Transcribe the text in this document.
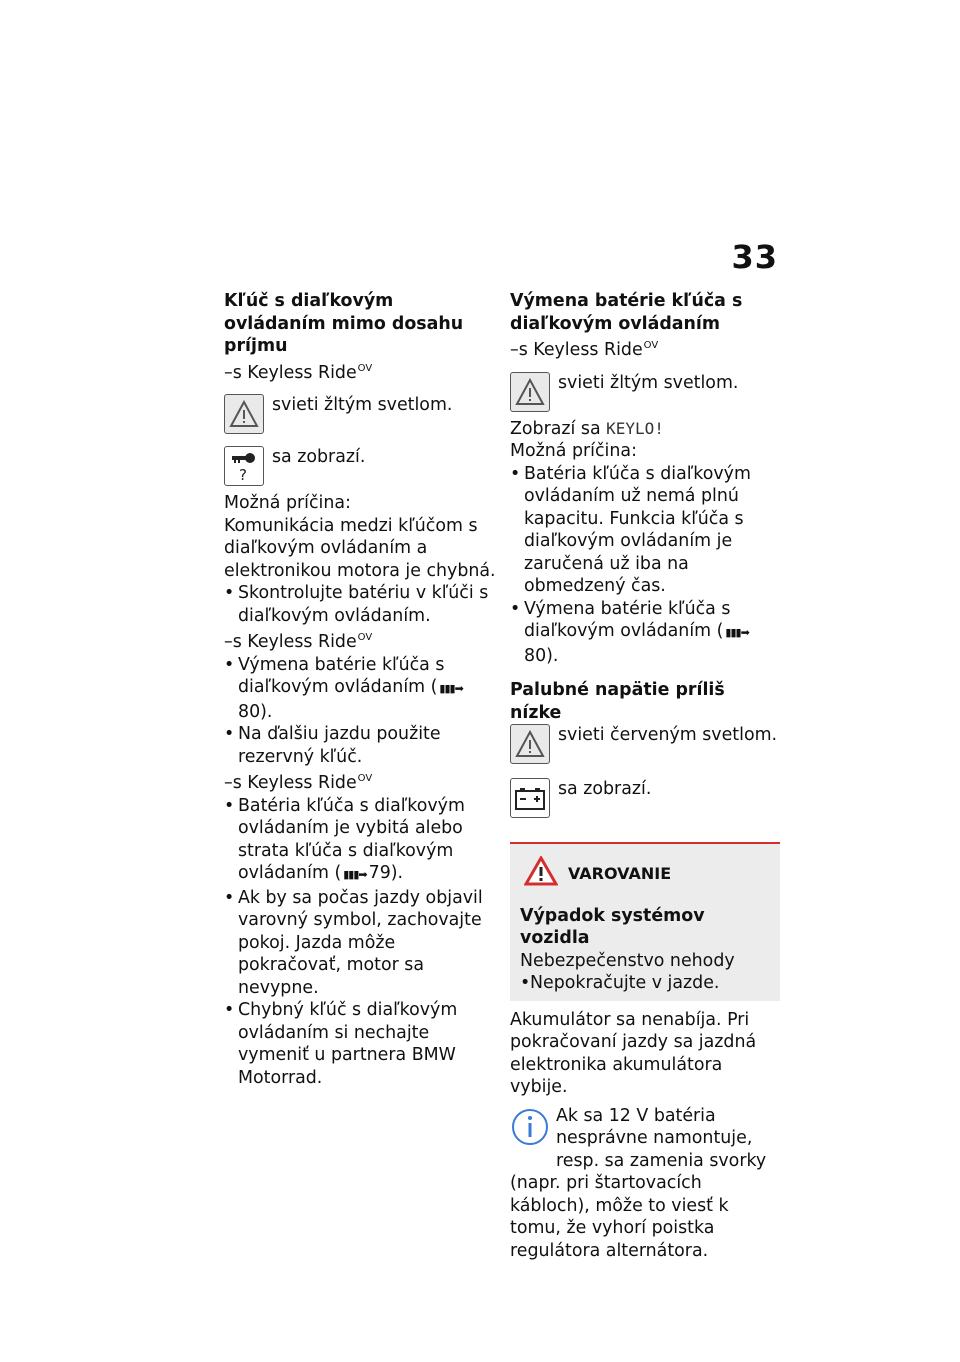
33

Kľúč s diaľkovým ovládaním mimo dosahu príjmu

–s Keyless Ride$^{OV}$

svieti žltým svetlom.
?
sa zobrazí.

Možná príčina:

Komunikácia medzi kľúčom s diaľkovým ovládaním a elektronikou motora je chybná.

• Skontrolujte batériu v kľúči s diaľkovým ovládaním.

–s Keyless Ride$^{OV}$

• Výmena batérie kľúča s diaľkovým ovládaním ( ▮▮▮➡80).
• Na ďalšiu jazdu použite rezervný kľúč.

–s Keyless Ride$^{OV}$

• Batéria kľúča s diaľkovým ovládaním je vybitá alebo strata kľúča s diaľkovým ovládaním ( ▮▮▮➡ 79).
• Ak by sa počas jazdy objavil varovný symbol, zachovajte pokoj. Jazda môže pokračovať, motor sa nevypne.
• Chybný kľúč s diaľkovým ovládaním si nechajte vymeniť u partnera BMW Motorrad.

Výmena batérie kľúča s diaľkovým ovládaním

–s Keyless Ride$^{OV}$

svieti žltým svetlom.

Zobrazí sa KEYLO!

Možná príčina:

• Batéria kľúča s diaľkovým ovládaním už nemá plnú kapacitu. Funkcia kľúča s diaľkovým ovládaním je zaručená už iba na obmedzený čas.
• Výmena batérie kľúča s diaľkovým ovládaním ( ▮▮▮➡80).

Palubné napätie príliš nízke

svieti červeným svetlom.
sa zobrazí.
VAROVANIE

Výpadok systémov vozidla

Nebezpečenstvo nehody

• Nepokračujte v jazde.

Akumulátor sa nenabíja. Pri pokračovaní jazdy sa jazdná elektronika akumulátora vybije.

Ak sa 12 V batéria nesprávne namontuje, resp. sa zamenia svorky (napr. pri štartovacích kábloch), môže to viesť k tomu, že vyhorí poistka regulátora alternátora.
